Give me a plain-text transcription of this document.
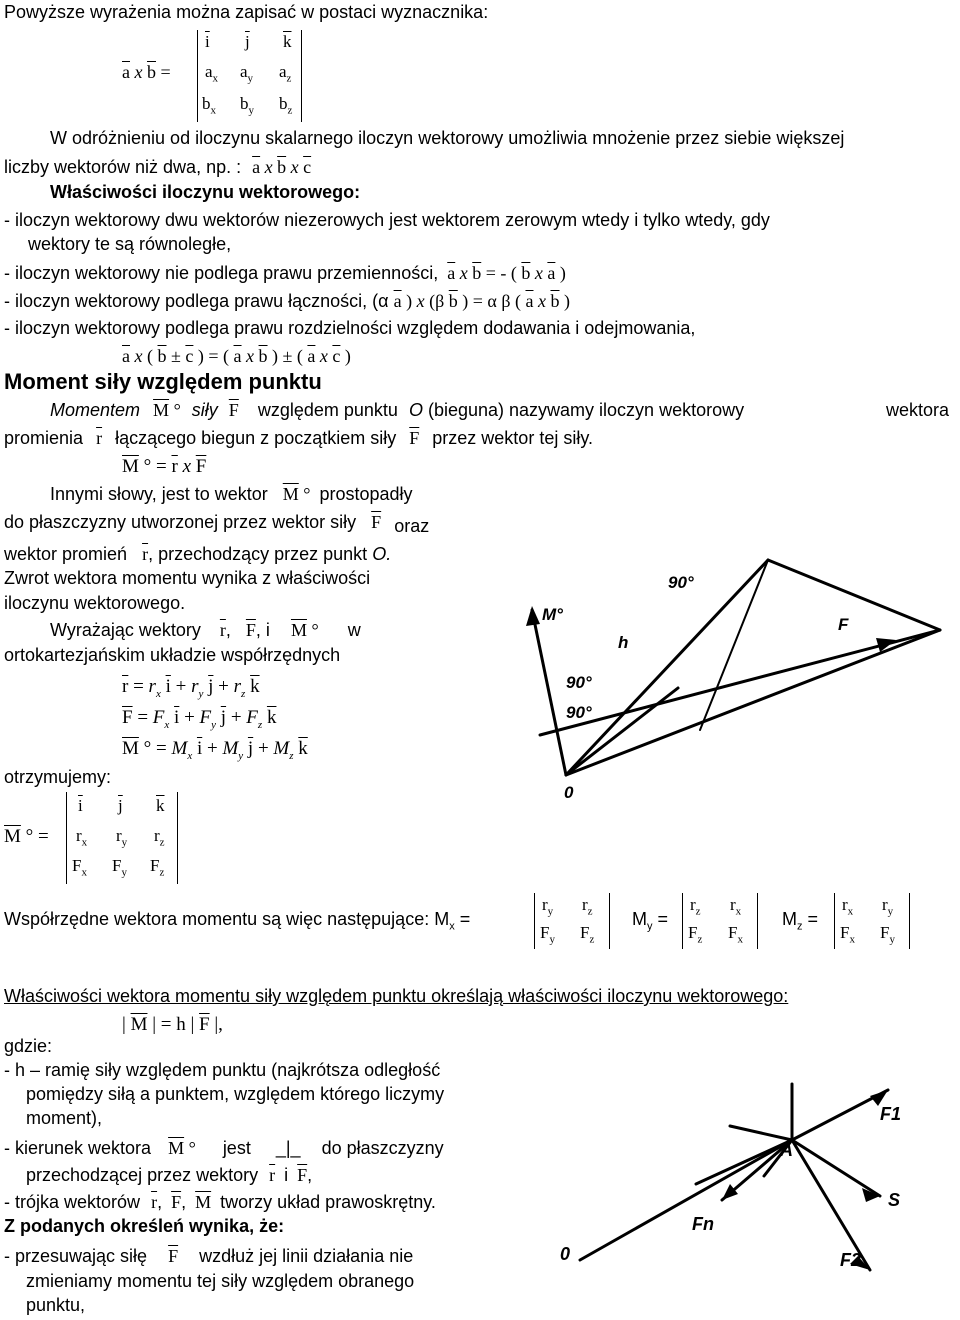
Powyższe wyrażenia można zapisać w postaci wyznacznika:
$\overline{a}$ x $\overline{b}$ =
$\overline{i}$ $\overline{j}$ $\overline{k}$
$a_x$ $a_y$ $a_z$
$b_x$ $b_y$ $b_z$
W odróżnieniu od iloczynu skalarnego iloczyn wektorowy umożliwia mnożenie przez siebie większej
liczby wektorów niż dwa, np. : $\overline{a}$ x $\overline{b}$ x $\overline{c}$
Właściwości iloczynu wektorowego:
- iloczyn wektorowy dwu wektorów niezerowych jest wektorem zerowym wtedy i tylko wtedy, gdy
wektory te są równoległe,
- iloczyn wektorowy nie podlega prawu przemienności, $\overline{a}$ x $\overline{b}$ = - ( $\overline{b}$ x $\overline{a}$ )
- iloczyn wektorowy podlega prawu łączności, (α $\overline{a}$ ) x (β $\overline{b}$ ) = α β ( $\overline{a}$ x $\overline{b}$ )
- iloczyn wektorowy podlega prawu rozdzielności względem dodawania i odejmowania,
$\overline{a}$ x ( $\overline{b} \pm \overline{c}$ ) = ( $\overline{a}$ x $\overline{b}$ ) ± ( $\overline{a}$ x $\overline{c}$ )
Moment siły względem punktu
Momentem $\overline{M}$ ° siły $\overline{F}$ względem punktu O (bieguna) nazywamy iloczyn wektorowy	wektora
promienia $\overline{r}$ łączącego biegun z początkiem siły $\overline{F}$ przez wektor tej siły.
$\overline{M}$ ° = $\overline{r}$ x $\overline{F}$
Innymi słowy, jest to wektor $\overline{M}$ ° prostopadły
do płaszczyzny utworzonej przez wektor siły $\overline{F}$ oraz
wektor promień $\overline{r}$, przechodzący przez punkt O.
Zwrot wektora momentu wynika z właściwości
iloczynu wektorowego.
Wyrażając wektory $\overline{r}$, $\overline{F}$, i $\overline{M}$ ° w
ortokartezjańskim układzie współrzędnych
$\overline{r} = r_x$ $\overline{i} + r_y$ $\overline{j} + r_z$ $\overline{k}$
$\overline{F} = F_x$ $\overline{i} + F_y$ $\overline{j} + F_z$ $\overline{k}$
$\overline{M}$ ° = $M_x$ $\overline{i} + M_y$ $\overline{j} + M_z$ $\overline{k}$
otrzymujemy:
$\overline{M}$ ° =
$\overline{i}$ $\overline{j}$ $\overline{k}$
$r_x$ $r_y$ $r_z$
$F_x$ $F_y$ $F_z$
Współrzędne wektora momentu są więc następujące: $M_x$ =
$r_y$ $r_z$
$F_y$ $F_z$
$M_y$ =
$r_z$ $r_x$
$F_z$ $F_x$
$M_z$ =
$r_x$ $r_y$
$F_x$ $F_y$
Właściwości wektora momentu siły względem punktu określają właściwości iloczynu wektorowego:
| $\overline{M}$ | = h | $\overline{F}$ |,
gdzie:
- h – ramię siły względem punktu (najkrótsza odległość
pomiędzy siłą a punktem, względem którego liczymy
moment),
- kierunek wektora $\overline{M}$ ° jest _|_ do płaszczyzny
przechodzącej przez wektory $\overline{r}$ i $\overline{F}$,
- trójka wektorów $\overline{r}$, $\overline{F}$, $\overline{M}$ tworzy układ prawoskrętny.
Z podanych określeń wynika, że:
- przesuwając siłę $\overline{F}$ wzdłuż jej linii działania nie
zmieniamy momentu tej siły względem obranego
punktu,
M°
90°
F
h
90°
90°
0
F1
A
S
0
Fn
F2
